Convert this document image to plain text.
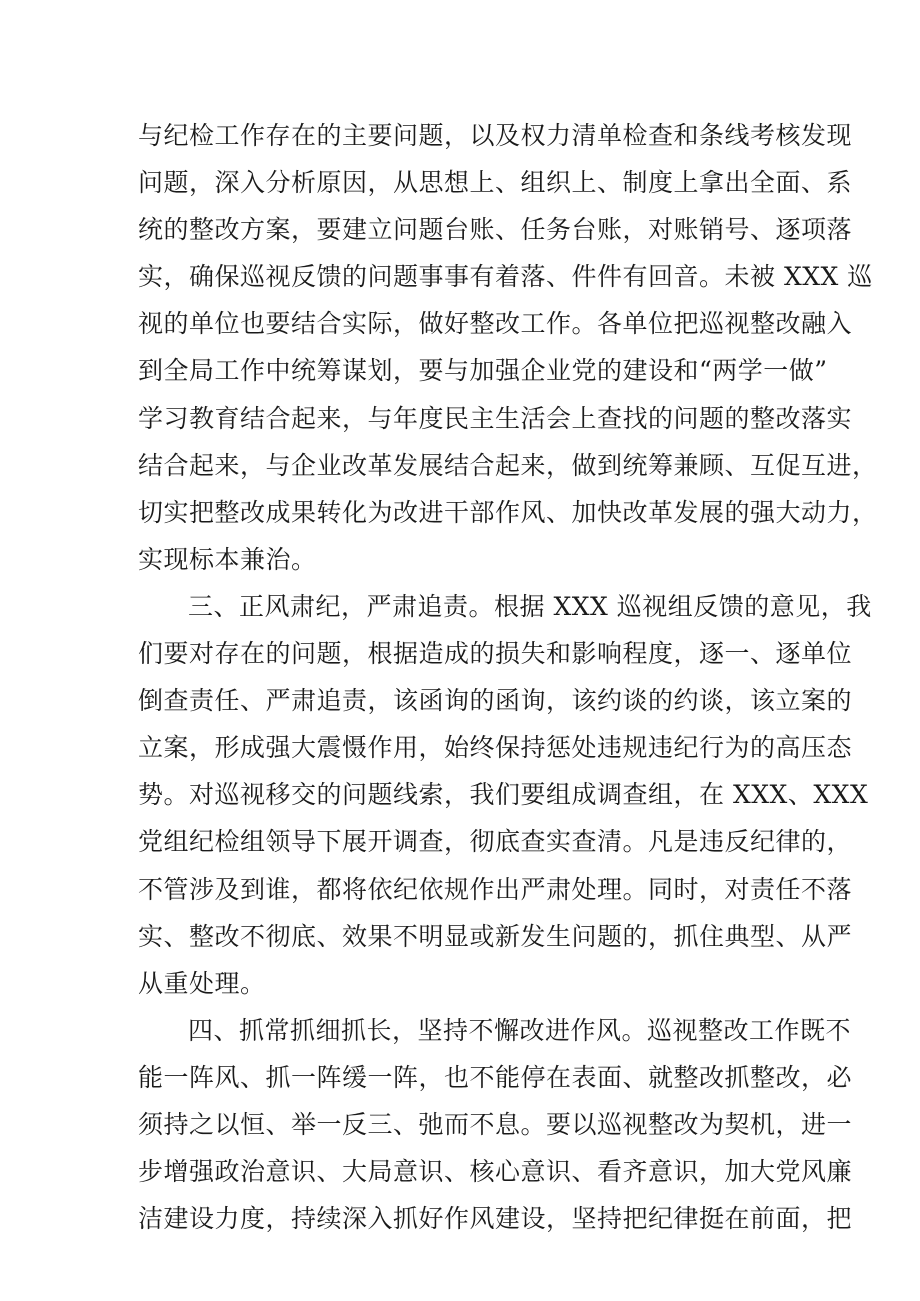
与纪检工作存在的主要问题，以及权力清单检查和条线考核发现
问题，深入分析原因，从思想上、组织上、制度上拿出全面、系
统的整改方案，要建立问题台账、任务台账，对账销号、逐项落
实，确保巡视反馈的问题事事有着落、件件有回音。未被 XXX 巡
视的单位也要结合实际，做好整改工作。各单位把巡视整改融入
到全局工作中统筹谋划，要与加强企业党的建设和“两学一做”
学习教育结合起来，与年度民主生活会上查找的问题的整改落实
结合起来，与企业改革发展结合起来，做到统筹兼顾、互促互进，
切实把整改成果转化为改进干部作风、加快改革发展的强大动力，
实现标本兼治。
三、正风肃纪，严肃追责。根据 XXX 巡视组反馈的意见，我
们要对存在的问题，根据造成的损失和影响程度，逐一、逐单位
倒查责任、严肃追责，该函询的函询，该约谈的约谈，该立案的
立案，形成强大震慑作用，始终保持惩处违规违纪行为的高压态
势。对巡视移交的问题线索，我们要组成调查组，在 XXX、XXX
党组纪检组领导下展开调查，彻底查实查清。凡是违反纪律的，
不管涉及到谁，都将依纪依规作出严肃处理。同时，对责任不落
实、整改不彻底、效果不明显或新发生问题的，抓住典型、从严
从重处理。
四、抓常抓细抓长，坚持不懈改进作风。巡视整改工作既不
能一阵风、抓一阵缓一阵，也不能停在表面、就整改抓整改，必
须持之以恒、举一反三、弛而不息。要以巡视整改为契机，进一
步增强政治意识、大局意识、核心意识、看齐意识，加大党风廉
洁建设力度，持续深入抓好作风建设，坚持把纪律挺在前面，把
